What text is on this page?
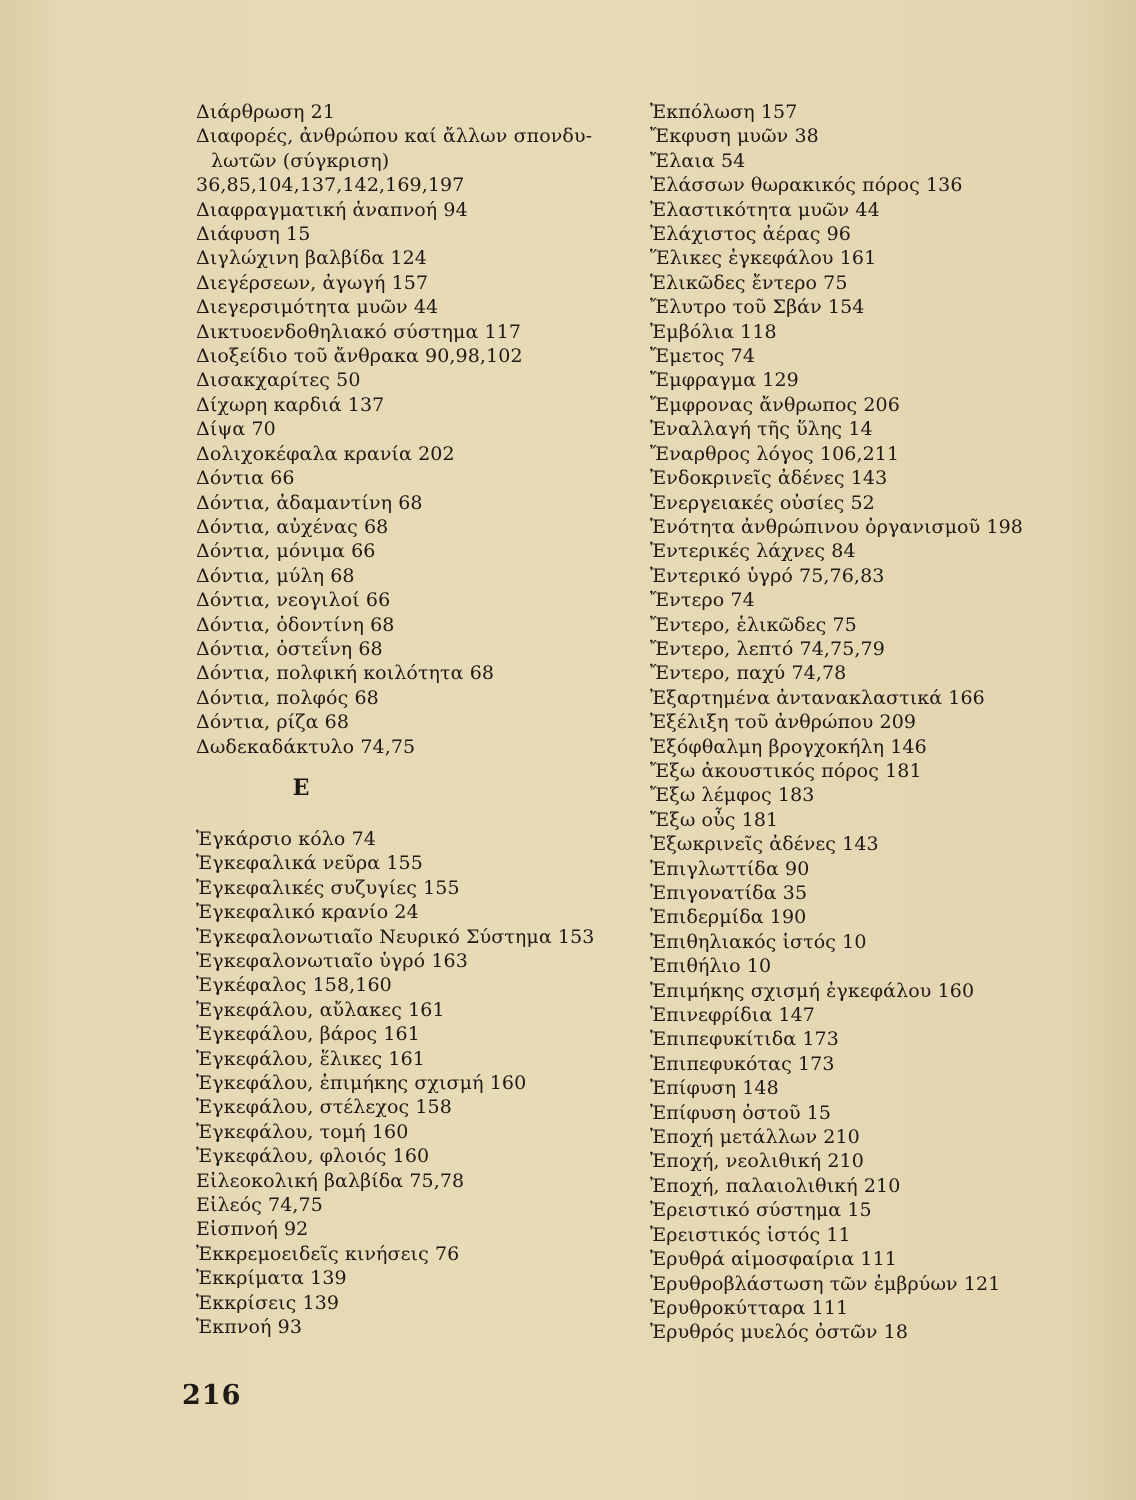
Διάρθρωση 21
Διαφορές, ἀνθρώπου καί ἄλλων σπονδυ-λωτῶν (σύγκριση)
36,85,104,137,142,169,197
Διαφραγματική ἀναπνοή 94
Διάφυση 15
Διγλώχινη βαλβίδα 124
Διεγέρσεων, ἀγωγή 157
Διεγερσιμότητα μυῶν 44
Δικτυοενδοθηλιακό σύστημα 117
Διοξείδιο τοῦ ἄνθρακα 90,98,102
Δισακχαρίτες 50
Δίχωρη καρδιά 137
Δίψα 70
Δολιχοκέφαλα κρανία 202
Δόντια 66
Δόντια, ἀδαμαντίνη 68
Δόντια, αὐχένας 68
Δόντια, μόνιμα 66
Δόντια, μύλη 68
Δόντια, νεογιλοί 66
Δόντια, ὀδοντίνη 68
Δόντια, ὀστεΐνη 68
Δόντια, πολφική κοιλότητα 68
Δόντια, πολφός 68
Δόντια, ρίζα 68
Δωδεκαδάκτυλο 74,75
Ε
Ἐγκάρσιο κόλο 74
Ἐγκεφαλικά νεῦρα 155
Ἐγκεφαλικές συζυγίες 155
Ἐγκεφαλικό κρανίο 24
Ἐγκεφαλονωτιαῖο Νευρικό Σύστημα 153
Ἐγκεφαλονωτιαῖο ὑγρό 163
Ἐγκέφαλος 158,160
Ἐγκεφάλου, αὔλακες 161
Ἐγκεφάλου, βάρος 161
Ἐγκεφάλου, ἕλικες 161
Ἐγκεφάλου, ἐπιμήκης σχισμή 160
Ἐγκεφάλου, στέλεχος 158
Ἐγκεφάλου, τομή 160
Ἐγκεφάλου, φλοιός 160
Εἰλεοκολική βαλβίδα 75,78
Εἰλεός 74,75
Εἰσπνοή 92
Ἐκκρεμοειδεῖς κινήσεις 76
Ἐκκρίματα 139
Ἐκκρίσεις 139
Ἐκπνοή 93
Ἐκπόλωση 157
Ἔκφυση μυῶν 38
Ἔλαια 54
Ἐλάσσων θωρακικός πόρος 136
Ἐλαστικότητα μυῶν 44
Ἐλάχιστος ἀέρας 96
Ἕλικες ἐγκεφάλου 161
Ἑλικῶδες ἔντερο 75
Ἔλυτρο τοῦ Σβάν 154
Ἐμβόλια 118
Ἔμετος 74
Ἔμφραγμα 129
Ἔμφρονας ἄνθρωπος 206
Ἐναλλαγή τῆς ὕλης 14
Ἔναρθρος λόγος 106,211
Ἐνδοκρινεῖς ἀδένες 143
Ἐνεργειακές οὐσίες 52
Ἑνότητα ἀνθρώπινου ὀργανισμοῦ 198
Ἐντερικές λάχνες 84
Ἐντερικό ὑγρό 75,76,83
Ἔντερο 74
Ἔντερο, ἑλικῶδες 75
Ἔντερο, λεπτό 74,75,79
Ἔντερο, παχύ 74,78
Ἐξαρτημένα ἀντανακλαστικά 166
Ἐξέλιξη τοῦ ἀνθρώπου 209
Ἐξόφθαλμη βρογχοκήλη 146
Ἔξω ἀκουστικός πόρος 181
Ἔξω λέμφος 183
Ἔξω οὖς 181
Ἐξωκρινεῖς ἀδένες 143
Ἐπιγλωττίδα 90
Ἐπιγονατίδα 35
Ἐπιδερμίδα 190
Ἐπιθηλιακός ἱστός 10
Ἐπιθήλιο 10
Ἐπιμήκης σχισμή ἐγκεφάλου 160
Ἐπινεφρίδια 147
Ἐπιπεφυκίτιδα 173
Ἐπιπεφυκότας 173
Ἐπίφυση 148
Ἐπίφυση ὀστοῦ 15
Ἐποχή μετάλλων 210
Ἐποχή, νεολιθική 210
Ἐποχή, παλαιολιθική 210
Ἐρειστικό σύστημα 15
Ἐρειστικός ἱστός 11
Ἐρυθρά αἱμοσφαίρια 111
Ἐρυθροβλάστωση τῶν ἐμβρύων 121
Ἐρυθροκύτταρα 111
Ἐρυθρός μυελός ὀστῶν 18
216
